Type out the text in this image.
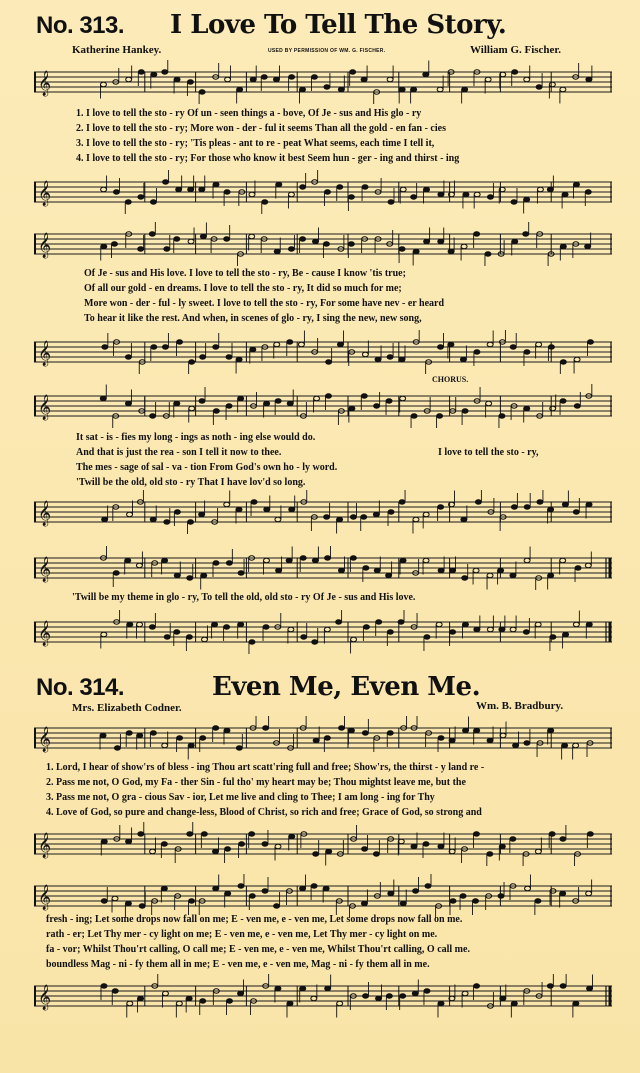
No. 313. I Love To Tell The Story.
Katherine Hankey.	USED BY PERMISSION OF WM. G. FISCHER.	William G. Fischer.
𝄞
1. I love to tell the sto - ry Of un - seen things a - bove, Of Je - sus and His glo - ry
2. I love to tell the sto - ry; More won - der - ful it seems Than all the gold - en fan - cies
3. I love to tell the sto - ry; 'Tis pleas - ant to re - peat What seems, each time I tell it,
4. I love to tell the sto - ry; For those who know it best Seem hun - ger - ing and thirst - ing
𝄞
𝄞
Of Je - sus and His love. I love to tell the sto - ry, Be - cause I know 'tis true;
Of all our gold - en dreams. I love to tell the sto - ry, It did so much for me;
More won - der - ful - ly sweet. I love to tell the sto - ry, For some have nev - er heard
To hear it like the rest. And when, in scenes of glo - ry, I sing the new, new song,
𝄞
CHORUS.
𝄞
It sat - is - fies my long - ings as noth - ing else would do.
And that is just the rea - son I tell it now to thee.
The mes - sage of sal - va - tion From God's own ho - ly word.
'Twill be the old, old sto - ry That I have lov'd so long.
I love to tell the sto - ry,
𝄞
𝄞
'Twill be my theme in glo - ry, To tell the old, old sto - ry Of Je - sus and His love.
𝄞
No. 314.	Even Me, Even Me.
Mrs. Elizabeth Codner.	Wm. B. Bradbury.
𝄞
1. Lord, I hear of show'rs of bless - ing Thou art scatt'ring full and free; Show'rs, the thirst - y land re -
2. Pass me not, O God, my Fa - ther Sin - ful tho' my heart may be; Thou mightst leave me, but the
3. Pass me not, O gra - cious Sav - ior, Let me live and cling to Thee; I am long - ing for Thy
4. Love of God, so pure and change-less, Blood of Christ, so rich and free; Grace of God, so strong and
𝄞
𝄞
fresh - ing; Let some drops now fall on me; E - ven me, e - ven me, Let some drops now fall on me.
rath - er; Let Thy mer - cy light on me; E - ven me, e - ven me, Let Thy mer - cy light on me.
fa - vor; Whilst Thou'rt calling, O call me; E - ven me, e - ven me, Whilst Thou'rt calling, O call me.
boundless Mag - ni - fy them all in me; E - ven me, e - ven me, Mag - ni - fy them all in me.
𝄞
